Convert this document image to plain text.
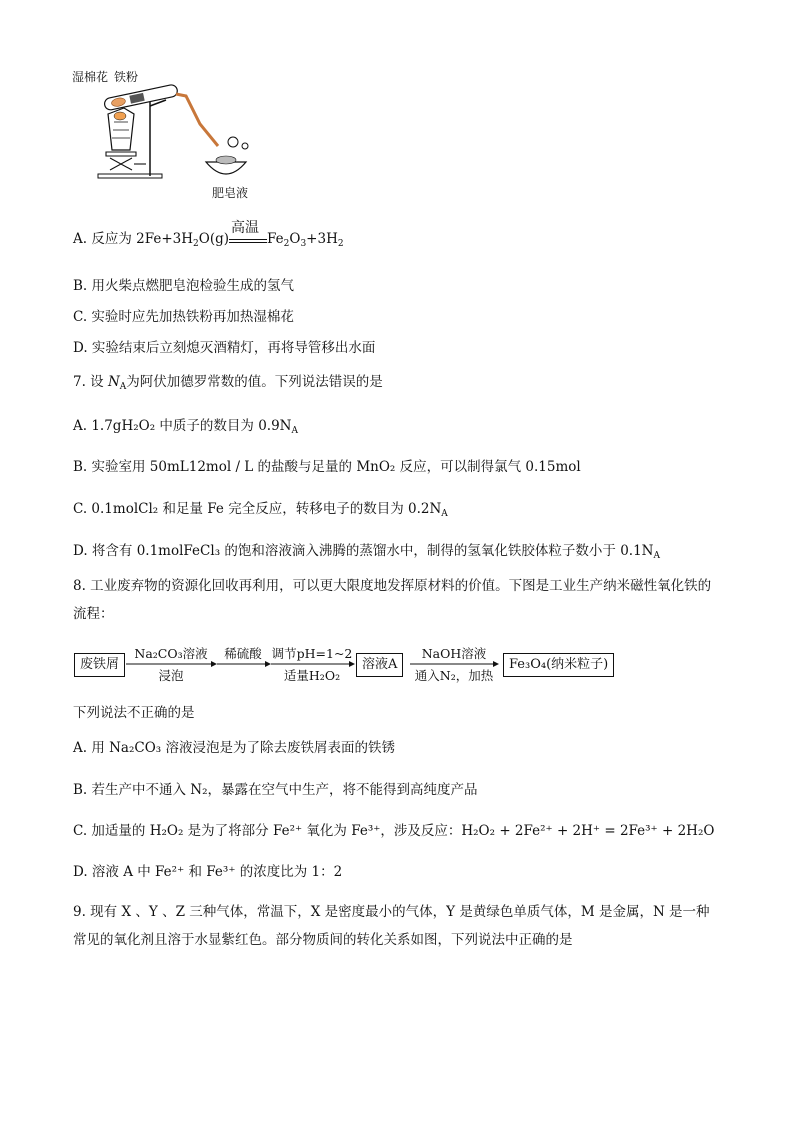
湿棉花 铁粉
肥皂液
A. 反应为 $2Fe+3H_2O(g)$
高温
$Fe_2O_3+3H_2$
B. 用火柴点燃肥皂泡检验生成的氢气
C. 实验时应先加热铁粉再加热湿棉花
D. 实验结束后立刻熄灭酒精灯，再将导管移出水面
7. 设 $N_A$为阿伏加德罗常数的值。下列说法错误的是
A. 1.7gH₂O₂ 中质子的数目为 $0.9N_A$
B. 实验室用 50mL12mol / L 的盐酸与足量的 MnO₂ 反应，可以制得氯气 0.15mol
C. 0.1molCl₂ 和足量 Fe 完全反应，转移电子的数目为 $0.2N_A$
D. 将含有 0.1molFeCl₃ 的饱和溶液滴入沸腾的蒸馏水中，制得的氢氧化铁胶体粒子数小于 $0.1N_A$
8. 工业废弃物的资源化回收再利用，可以更大限度地发挥原材料的价值。下图是工业生产纳米磁性氧化铁的流程：
废铁屑
Na₂CO₃溶液
浸泡
稀硫酸 调节pH=1~2
适量H₂O₂
溶液A
NaOH溶液
通入N₂，加热
Fe₃O₄(纳米粒子)
下列说法不正确的是
A. 用 Na₂CO₃ 溶液浸泡是为了除去废铁屑表面的铁锈
B. 若生产中不通入 N₂，暴露在空气中生产，将不能得到高纯度产品
C. 加适量的 H₂O₂ 是为了将部分 Fe²⁺ 氧化为 Fe³⁺，涉及反应：H₂O₂ + 2Fe²⁺ + 2H⁺ = 2Fe³⁺ + 2H₂O
D. 溶液 A 中 Fe²⁺ 和 Fe³⁺ 的浓度比为 1：2
9. 现有 X 、Y 、Z 三种气体，常温下，X 是密度最小的气体，Y 是黄绿色单质气体，M 是金属，N 是一种常见的氧化剂且溶于水显紫红色。部分物质间的转化关系如图，下列说法中正确的是
